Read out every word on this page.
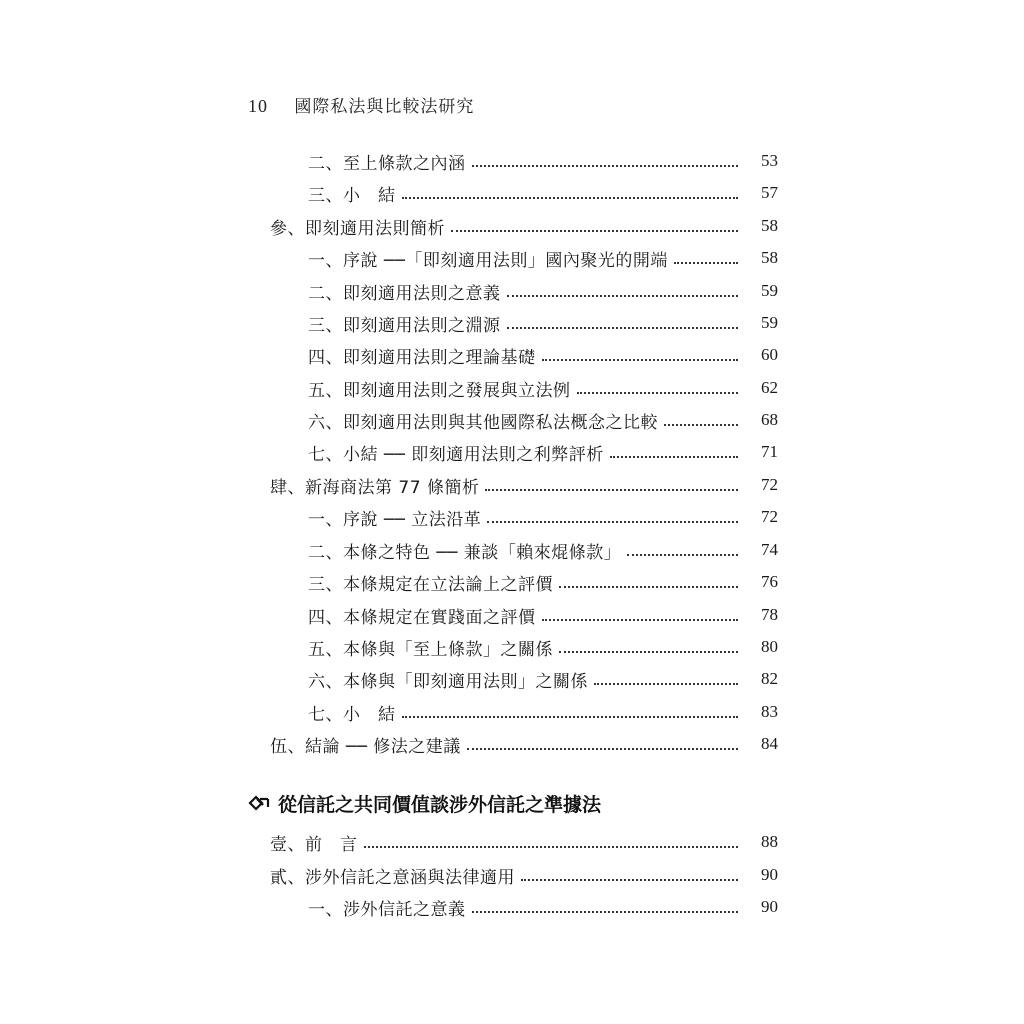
10 國際私法與比較法研究
二、至上條款之內涵	53
三、小　結	57
參、即刻適用法則簡析	58
一、序說 ──「即刻適用法則」國內聚光的開端	58
二、即刻適用法則之意義	59
三、即刻適用法則之淵源	59
四、即刻適用法則之理論基礎	60
五、即刻適用法則之發展與立法例	62
六、即刻適用法則與其他國際私法概念之比較	68
七、小結 ── 即刻適用法則之利弊評析	71
肆、新海商法第 77 條簡析	72
一、序說 ── 立法沿革	72
二、本條之特色 ── 兼談「賴來焜條款」	74
三、本條規定在立法論上之評價	76
四、本條規定在實踐面之評價	78
五、本條與「至上條款」之關係	80
六、本條與「即刻適用法則」之關係	82
七、小　結	83
伍、結論 ── 修法之建議	84
從信託之共同價值談涉外信託之準據法
壹、前　言	88
貳、涉外信託之意涵與法律適用	90
一、涉外信託之意義	90
